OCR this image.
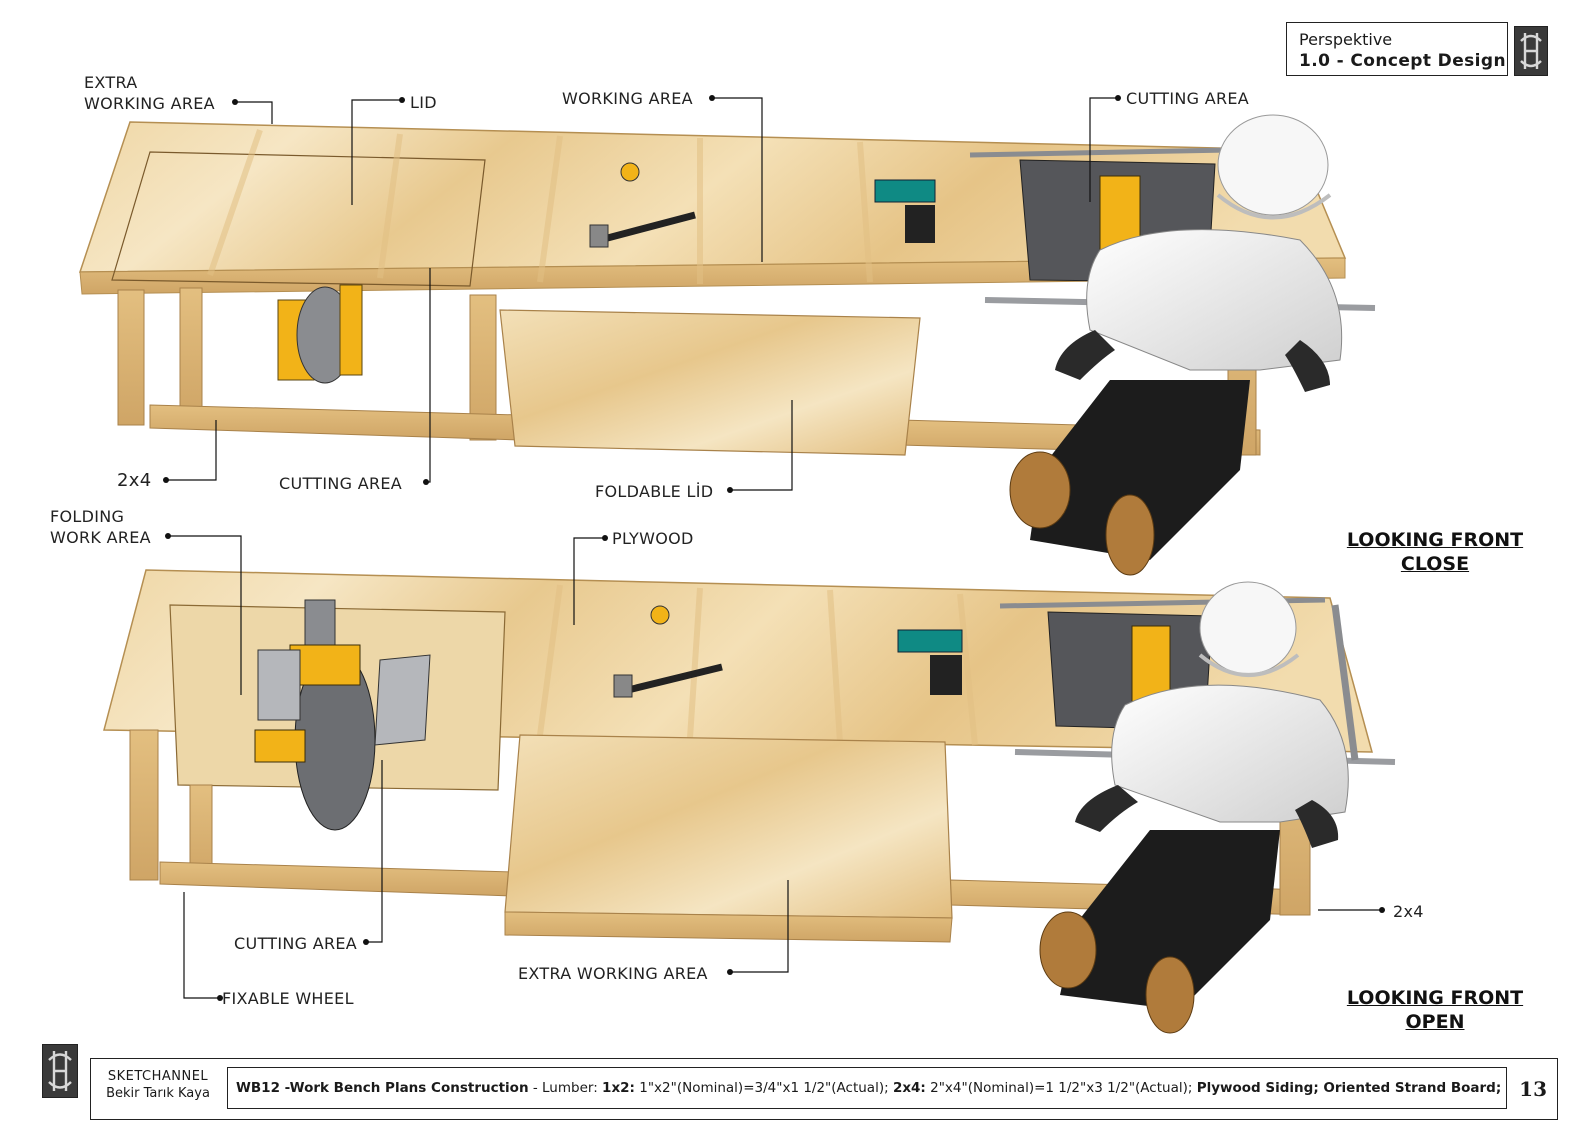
Perspektive
1.0 - Concept Design
EXTRA
WORKING AREA	LID	WORKING AREA	CUTTING AREA
2x4	CUTTING AREA	FOLDABLE LİD
LOOKING FRONT
CLOSE
FOLDING
WORK AREA	PLYWOOD
CUTTING AREA
FIXABLE WHEEL
EXTRA WORKING AREA
2x4
LOOKING FRONT
OPEN
SKETCHANNEL
Bekir Tarık Kaya	WB12 -Work Bench Plans Construction - Lumber: 1x2: 1"x2"(Nominal)=3/4"x1 1/2"(Actual); 2x4: 2"x4"(Nominal)=1 1/2"x3 1/2"(Actual); Plywood Siding; Oriented Strand Board; 13
